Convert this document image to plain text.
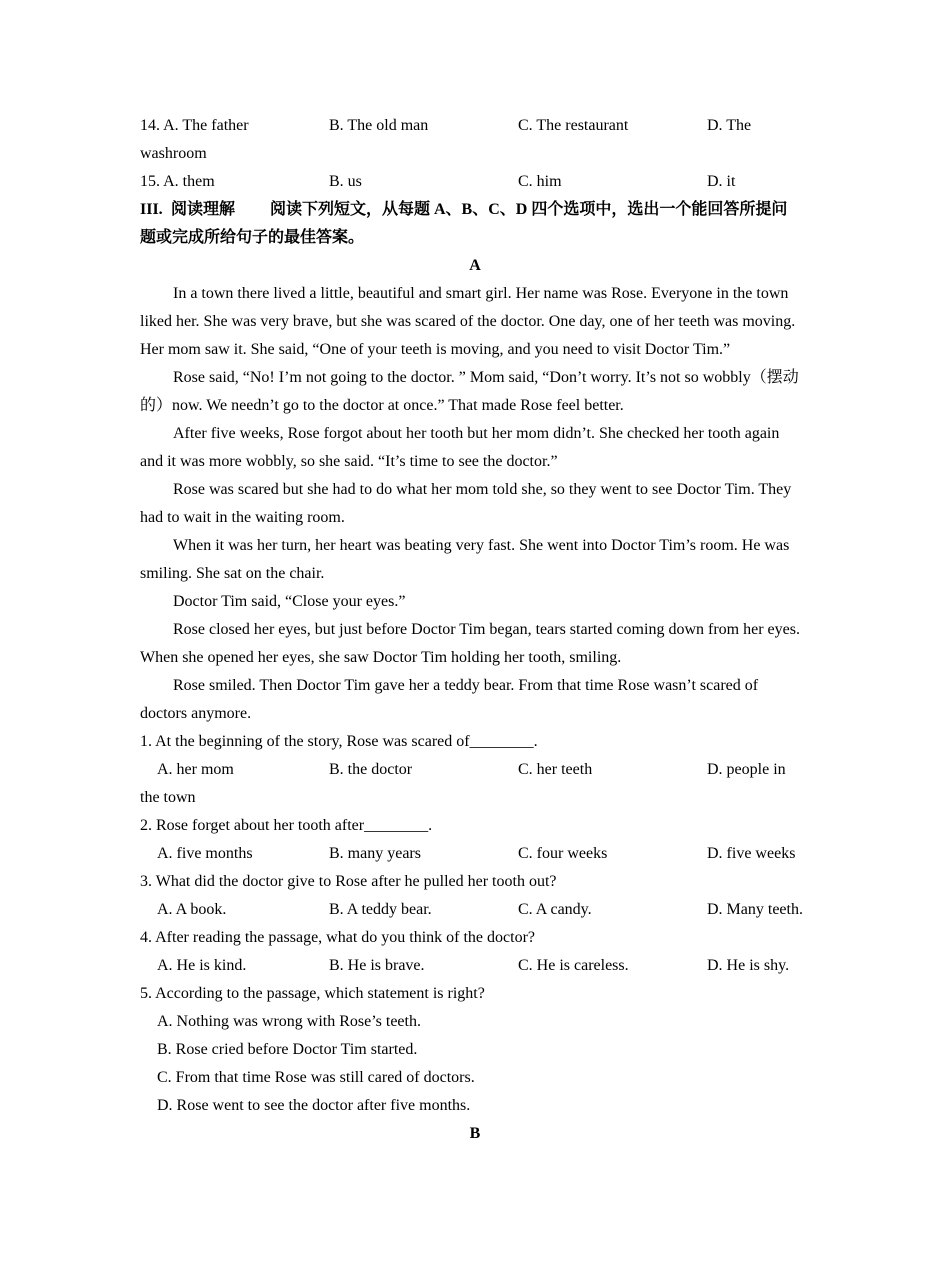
14. A. The father	B. The old man	C. The restaurant	D. The
washroom
15. A. them	B. us	C. him	D. it
III. 阅读理解 阅读下列短文，从每题 A、B、C、D 四个选项中，选出一个能回答所提问
题或完成所给句子的最佳答案。
A
In a town there lived a little, beautiful and smart girl. Her name was Rose. Everyone in the town
liked her. She was very brave, but she was scared of the doctor. One day, one of her teeth was moving.
Her mom saw it. She said, “One of your teeth is moving, and you need to visit Doctor Tim.”
Rose said, “No! I’m not going to the doctor. ” Mom said, “Don’t worry. It’s not so wobbly（摆动
的）now. We needn’t go to the doctor at once.” That made Rose feel better.
After five weeks, Rose forgot about her tooth but her mom didn’t. She checked her tooth again
and it was more wobbly, so she said. “It’s time to see the doctor.”
Rose was scared but she had to do what her mom told she, so they went to see Doctor Tim. They
had to wait in the waiting room.
When it was her turn, her heart was beating very fast. She went into Doctor Tim’s room. He was
smiling. She sat on the chair.
Doctor Tim said, “Close your eyes.”
Rose closed her eyes, but just before Doctor Tim began, tears started coming down from her eyes.
When she opened her eyes, she saw Doctor Tim holding her tooth, smiling.
Rose smiled. Then Doctor Tim gave her a teddy bear. From that time Rose wasn’t scared of
doctors anymore.
1. At the beginning of the story, Rose was scared of________.
A. her mom	B. the doctor	C. her teeth	D. people in
the town
2. Rose forget about her tooth after________.
A. five months	B. many years	C. four weeks	D. five weeks
3. What did the doctor give to Rose after he pulled her tooth out?
A. A book.	B. A teddy bear.	C. A candy.	D. Many teeth.
4. After reading the passage, what do you think of the doctor?
A. He is kind.	B. He is brave.	C. He is careless.	D. He is shy.
5. According to the passage, which statement is right?
A. Nothing was wrong with Rose’s teeth.
B. Rose cried before Doctor Tim started.
C. From that time Rose was still cared of doctors.
D. Rose went to see the doctor after five months.
B
